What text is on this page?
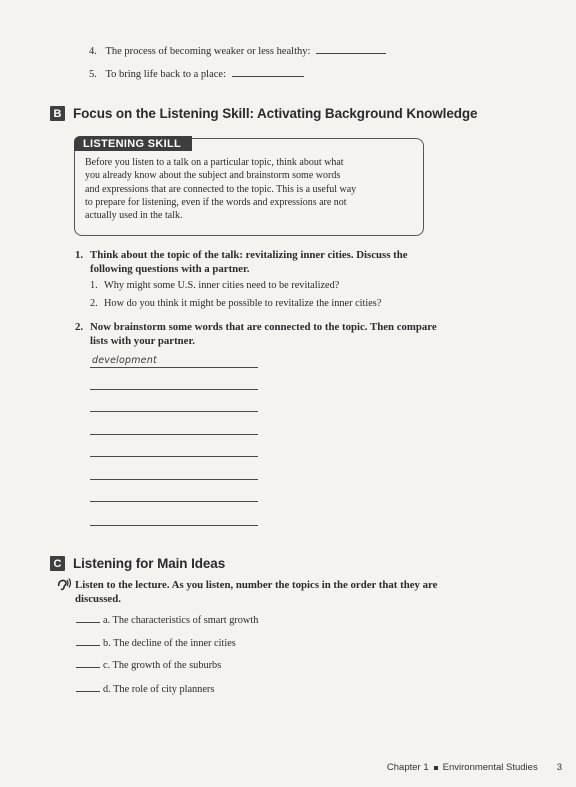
4. The process of becoming weaker or less healthy:
5. To bring life back to a place:
B Focus on the Listening Skill: Activating Background Knowledge
LISTENING SKILL
Before you listen to a talk on a particular topic, think about what
you already know about the subject and brainstorm some words
and expressions that are connected to the topic. This is a useful way
to prepare for listening, even if the words and expressions are not
actually used in the talk.
1. Think about the topic of the talk: revitalizing inner cities. Discuss the
following questions with a partner.
1. Why might some U.S. inner cities need to be revitalized?
2. How do you think it might be possible to revitalize the inner cities?
2. Now brainstorm some words that are connected to the topic. Then compare
lists with your partner.
development
C Listening for Main Ideas
Listen to the lecture. As you listen, number the topics in the order that they are
discussed.
a. The characteristics of smart growth
b. The decline of the inner cities
c. The growth of the suburbs
d. The role of city planners
Chapter 1 Environmental Studies 3
